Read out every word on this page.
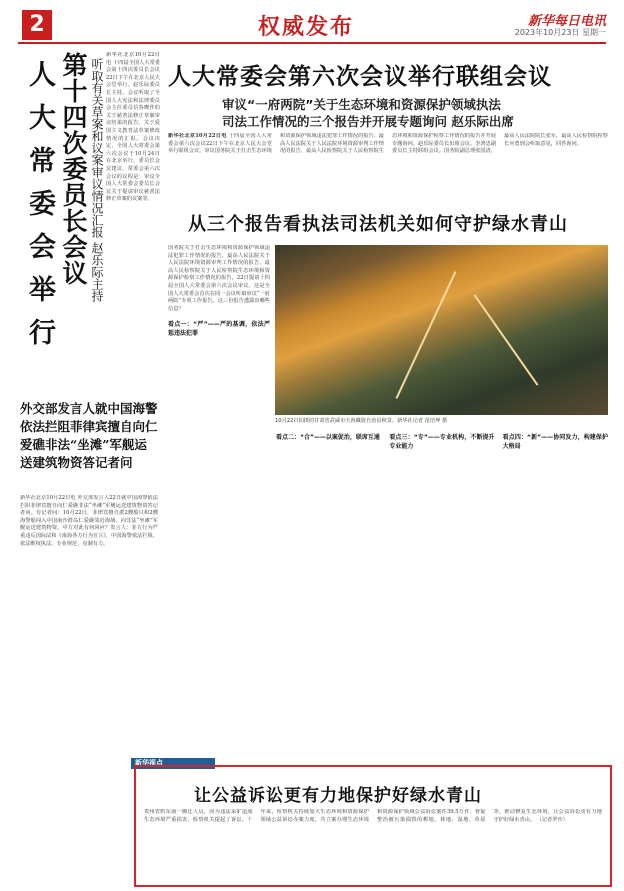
2	权威发布	新华每日电讯
2023年10月23日 星期一
人大常委会举行 第十四次委员长会议 听取有关草案和议案审议情况汇报 赵乐际主持
新华社北京10月22日电 十四届全国人大常委会第十四次委员长会议22日下午在北京人民大会堂举行。赵乐际委员长主持。会议听取了全国人大宪法和法律委员会主任委员信春鹰作的关于慈善法修正草案审议结果的报告、关于爱国主义教育法草案修改情况的汇报。会议决定，全国人大常委会第六次会议于10月24日在北京举行。委员长会议建议，常委会第六次会议的议程是：审议全国人大常委会委员长会议关于提请审议慈善法修正草案的议案等。
人大常委会第六次会议举行联组会议
审议“一府两院”关于生态环境和资源保护领域执法
司法工作情况的三个报告并开展专题询问 赵乐际出席
新华社北京10月22日电 十四届全国人大常委会第六次会议22日下午在北京人民大会堂举行联组会议，审议国务院关于打击生态环境和资源保护领域违法犯罪工作情况的报告、最高人民法院关于人民法院环境资源审判工作情况的报告、最高人民检察院关于人民检察院生态环境和资源保护检察工作情况的报告并开展专题询问。赵乐际委员长出席会议。李鸿忠副委员长主持联组会议。国务院副总理张国清，最高人民法院院长张军，最高人民检察院检察长应勇到会听取意见，回答询问。
从三个报告看执法司法机关如何守护绿水青山
10月22日拍摄的甘肃省武威市天祝藏族自治县秋景。新华社记者 范培珅 摄
国务院关于打击生态环境和资源保护领域违法犯罪工作情况的报告、最高人民法院关于人民法院环境资源审判工作情况的报告、最高人民检察院关于人民检察院生态环境和资源保护检察工作情况的报告，22日提请十四届全国人大常委会第六次会议审议。这是全国人大常委会首次在同一会议听取审议“一府两院”专项工作报告。这三份报告透露出哪些信息？
看点一：“严”——严的基调，依法严惩违法犯罪
看点二：“合”——以案促治，联席互通 看点三：“专”——专业机构，不断提升专业能力
看点四：“新”——协同发力，构建保护大格局
外交部发言人就中国海警依法拦阻菲律宾擅自向仁爱礁非法“坐滩”军舰运送建筑物资答记者问
新华社北京10月22日电 外交部发言人22日就中国海警依法拦阻菲律宾擅自向仁爱礁非法“坐滩”军舰运送建筑物资答记者问。有记者问：10月22日，菲律宾擅自派2艘船只和2艘海警船闯入中国南沙群岛仁爱礁邻近海域，向非法“坐滩”军舰运送建筑物资。中方对此有何回应？发言人：菲方行为严重违反国际法和《南海各方行为宣言》，中国海警依法拦阻，依法维权执法，专业规范、克制有力。
新华视点
让公益诉讼更有力地保护好绿水青山
贵州省黔东南一搬迁人员，因为违法采矿造成生态环境严重损害，检察机关提起了诉讼。十年来，检察机关持续加大生态环境和资源保护领域公益诉讼办案力度，共立案办理生态环境和资源保护领域公益诉讼案件39.5万件，督促整治被污染损毁的耕地、林地、湿地、草原等，推动修复生态环境，让公益诉讼更有力地守护好绿水青山。 （记者罗沙）
